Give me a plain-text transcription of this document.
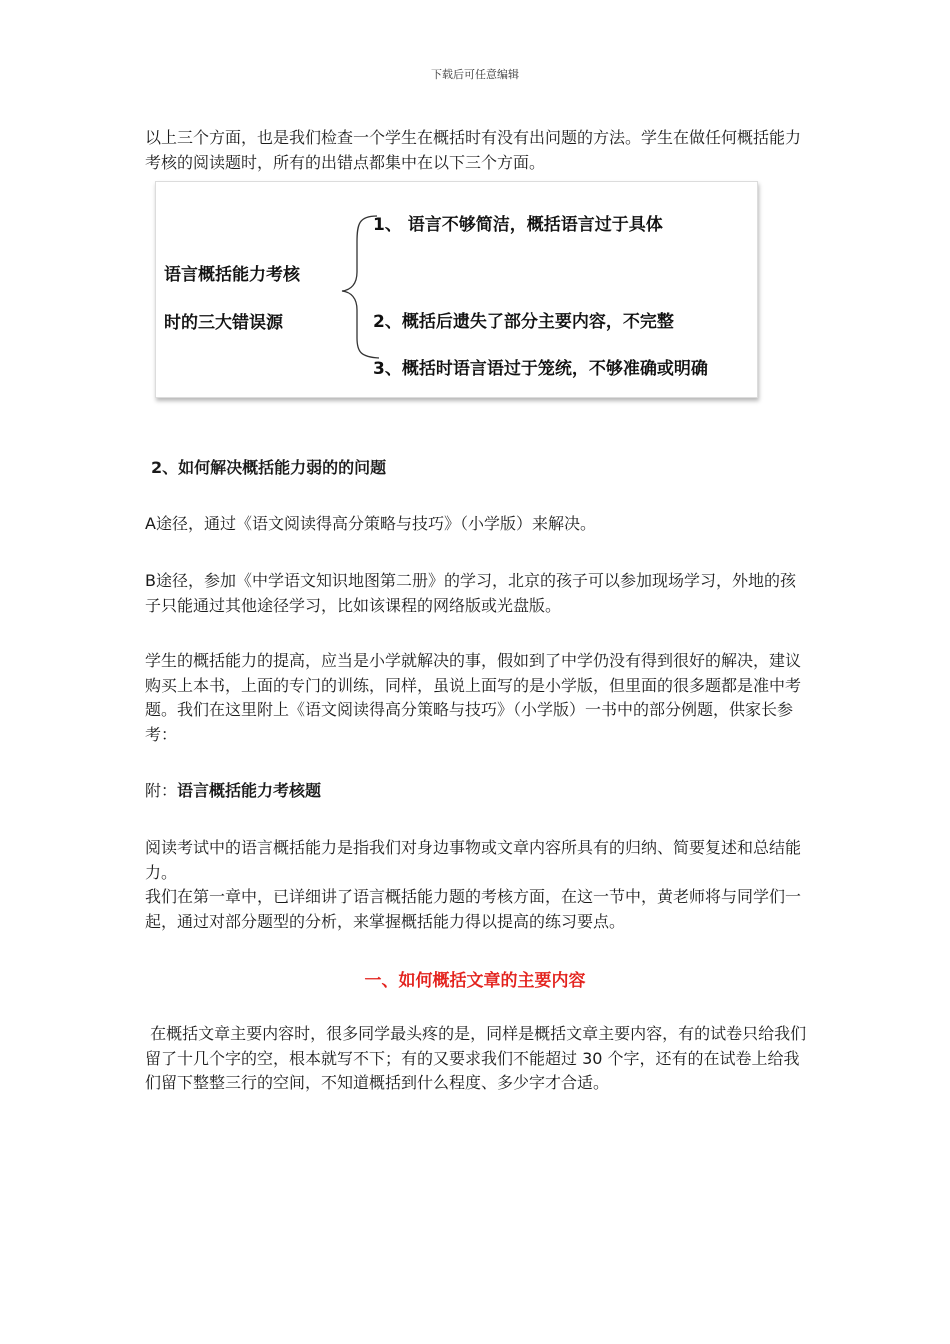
下载后可任意编辑

以上三个方面，也是我们检查一个学生在概括时有没有出问题的方法。学生在做任何概括能力考核的阅读题时，所有的出错点都集中在以下三个方面。

语言概括能力考核
时的三大错误源
1、 语言不够简洁，概括语言过于具体
2、概括后遗失了部分主要内容，不完整
3、概括时语言语过于笼统，不够准确或明确

2、如何解决概括能力弱的的问题

A途径，通过《语文阅读得高分策略与技巧》（小学版）来解决。

B途径，参加《中学语文知识地图第二册》的学习，北京的孩子可以参加现场学习，外地的孩子只能通过其他途径学习，比如该课程的网络版或光盘版。

学生的概括能力的提高，应当是小学就解决的事，假如到了中学仍没有得到很好的解决，建议购买上本书，上面的专门的训练，同样，虽说上面写的是小学版，但里面的很多题都是准中考题。我们在这里附上《语文阅读得高分策略与技巧》（小学版）一书中的部分例题，供家长参考：

附：语言概括能力考核题

阅读考试中的语言概括能力是指我们对身边事物或文章内容所具有的归纳、简要复述和总结能力。

我们在第一章中，已详细讲了语言概括能力题的考核方面，在这一节中，黄老师将与同学们一起，通过对部分题型的分析，来掌握概括能力得以提高的练习要点。

一、如何概括文章的主要内容

在概括文章主要内容时，很多同学最头疼的是，同样是概括文章主要内容，有的试卷只给我们留了十几个字的空，根本就写不下；有的又要求我们不能超过 30 个字，还有的在试卷上给我们留下整整三行的空间，不知道概括到什么程度、多少字才合适。
